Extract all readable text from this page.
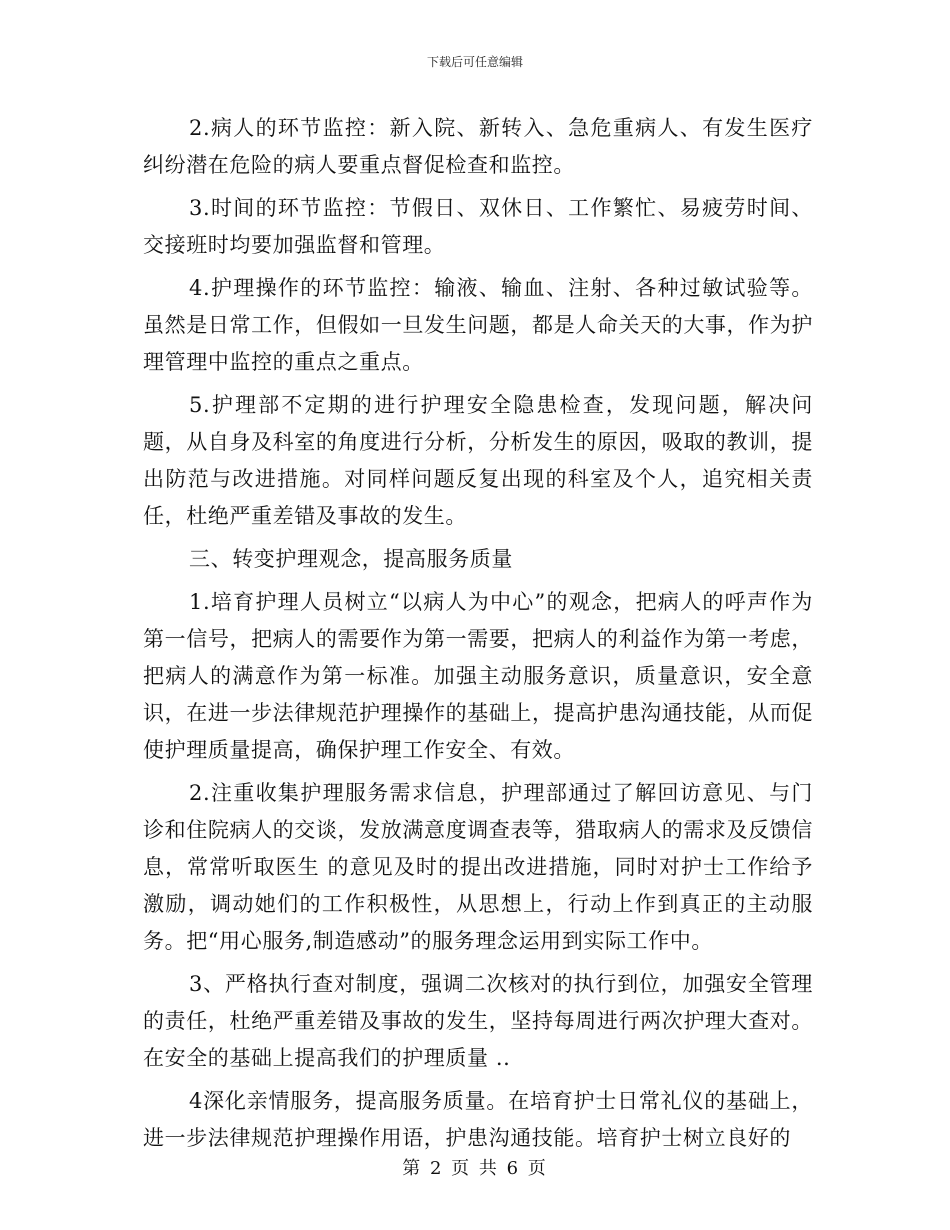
下载后可任意编辑

2.病人的环节监控：新入院、新转入、急危重病人、有发生医疗纠纷潜在危险的病人要重点督促检查和监控。

3.时间的环节监控：节假日、双休日、工作繁忙、易疲劳时间、交接班时均要加强监督和管理。

4.护理操作的环节监控：输液、输血、注射、各种过敏试验等。虽然是日常工作，但假如一旦发生问题，都是人命关天的大事，作为护理管理中监控的重点之重点。

5.护理部不定期的进行护理安全隐患检查，发现问题，解决问题，从自身及科室的角度进行分析，分析发生的原因，吸取的教训，提出防范与改进措施。对同样问题反复出现的科室及个人，追究相关责任，杜绝严重差错及事故的发生。

三、转变护理观念，提高服务质量

1.培育护理人员树立“以病人为中心”的观念，把病人的呼声作为第一信号，把病人的需要作为第一需要，把病人的利益作为第一考虑，把病人的满意作为第一标准。加强主动服务意识，质量意识，安全意识，在进一步法律规范护理操作的基础上，提高护患沟通技能，从而促使护理质量提高，确保护理工作安全、有效。

2.注重收集护理服务需求信息，护理部通过了解回访意见、与门诊和住院病人的交谈，发放满意度调查表等，猎取病人的需求及反馈信息，常常听取医生 的意见及时的提出改进措施，同时对护士工作给予激励，调动她们的工作积极性，从思想上，行动上作到真正的主动服务。把“用心服务,制造感动”的服务理念运用到实际工作中。

3、严格执行查对制度，强调二次核对的执行到位，加强安全管理的责任，杜绝严重差错及事故的发生，坚持每周进行两次护理大查对。在安全的基础上提高我们的护理质量 ..

4深化亲情服务，提高服务质量。在培育护士日常礼仪的基础上，进一步法律规范护理操作用语，护患沟通技能。培育护士树立良好的

第 2 页 共 6 页
